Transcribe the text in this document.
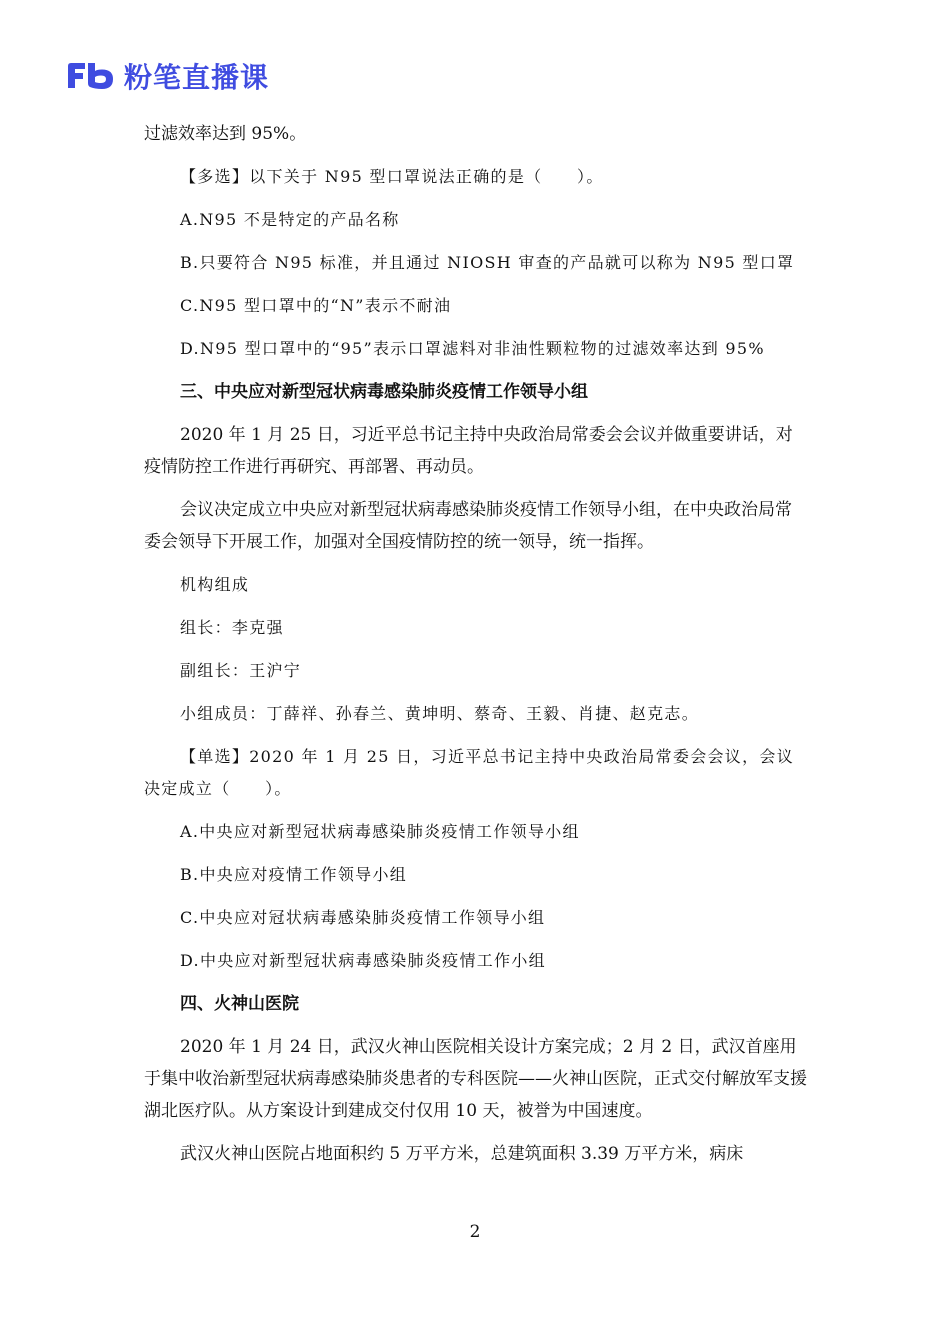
粉笔直播课

过滤效率达到 95%。

【多选】以下关于 N95 型口罩说法正确的是（　　）。

A.N95 不是特定的产品名称

B.只要符合 N95 标准，并且通过 NIOSH 审查的产品就可以称为 N95 型口罩

C.N95 型口罩中的“N”表示不耐油

D.N95 型口罩中的“95”表示口罩滤料对非油性颗粒物的过滤效率达到 95%

三、中央应对新型冠状病毒感染肺炎疫情工作领导小组

2020 年 1 月 25 日，习近平总书记主持中央政治局常委会会议并做重要讲话，对疫情防控工作进行再研究、再部署、再动员。

会议决定成立中央应对新型冠状病毒感染肺炎疫情工作领导小组，在中央政治局常委会领导下开展工作，加强对全国疫情防控的统一领导，统一指挥。

机构组成

组长：李克强

副组长：王沪宁

小组成员：丁薛祥、孙春兰、黄坤明、蔡奇、王毅、肖捷、赵克志。

【单选】2020 年 1 月 25 日，习近平总书记主持中央政治局常委会会议，会议决定成立（　　）。

A.中央应对新型冠状病毒感染肺炎疫情工作领导小组

B.中央应对疫情工作领导小组

C.中央应对冠状病毒感染肺炎疫情工作领导小组

D.中央应对新型冠状病毒感染肺炎疫情工作小组

四、火神山医院

2020 年 1 月 24 日，武汉火神山医院相关设计方案完成；2 月 2 日，武汉首座用于集中收治新型冠状病毒感染肺炎患者的专科医院——火神山医院，正式交付解放军支援湖北医疗队。从方案设计到建成交付仅用 10 天，被誉为中国速度。

武汉火神山医院占地面积约 5 万平方米，总建筑面积 3.39 万平方米，病床

2
